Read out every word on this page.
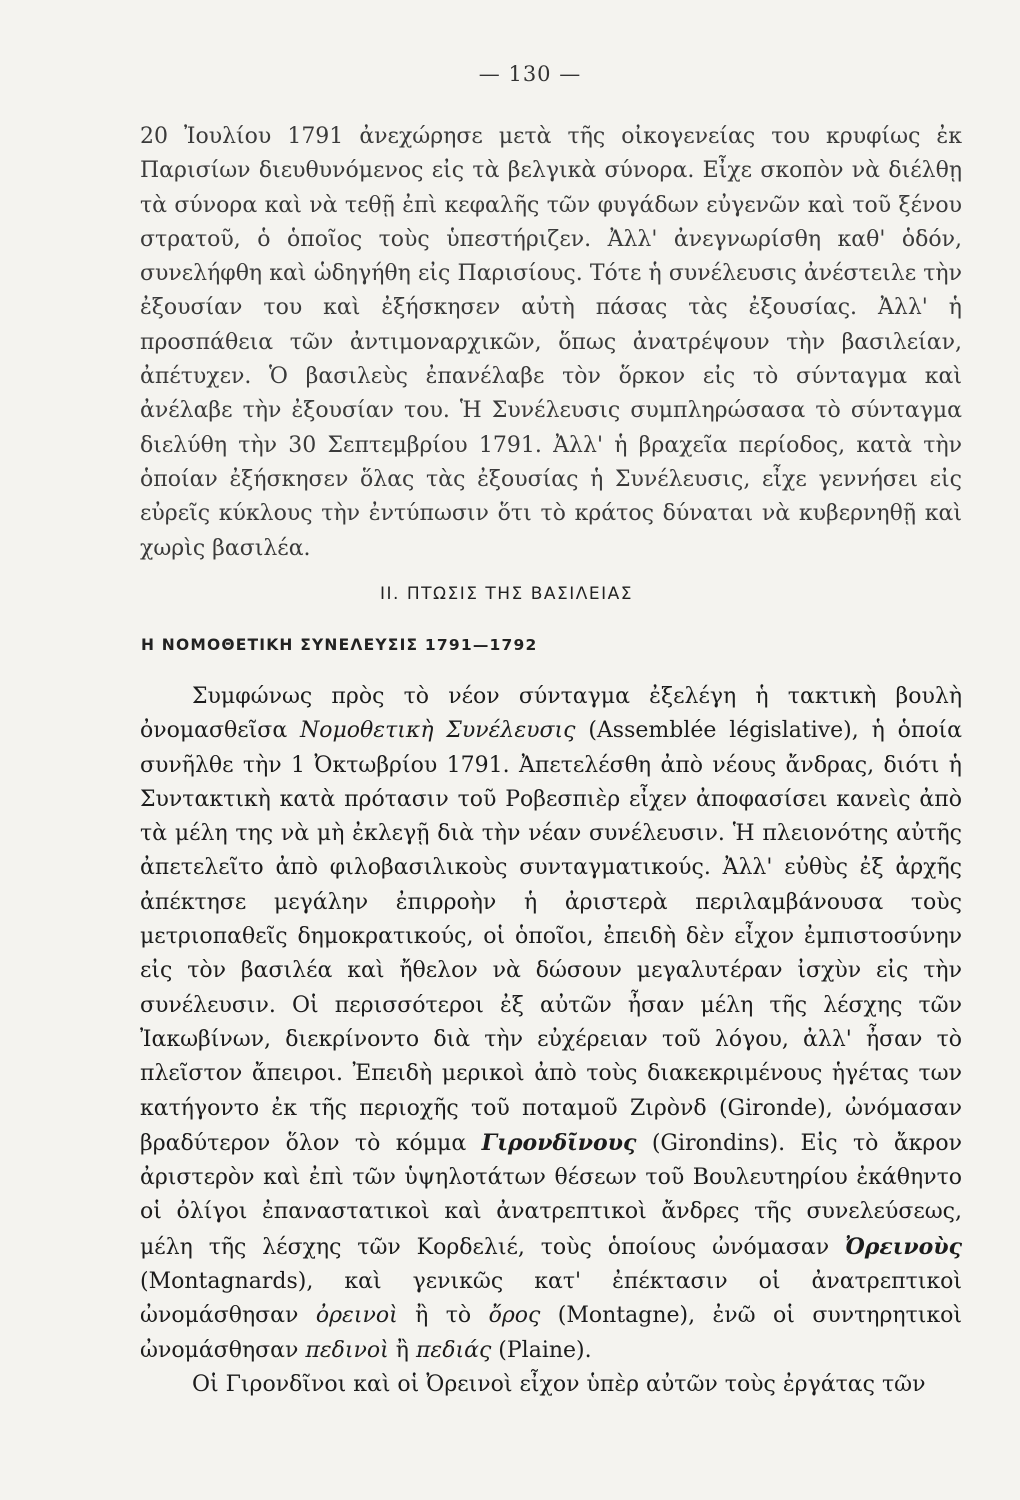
— 130 —

20 Ἰουλίου 1791 ἀνεχώρησε μετὰ τῆς οἰκογενείας του κρυφίως ἐκ Παρισίων διευθυνόμενος εἰς τὰ βελγικὰ σύνορα. Εἶχε σκοπὸν νὰ διέλθῃ τὰ σύνορα καὶ νὰ τεθῇ ἐπὶ κεφαλῆς τῶν φυγάδων εὐγενῶν καὶ τοῦ ξένου στρατοῦ, ὁ ὁποῖος τοὺς ὑπεστήριζεν. Ἀλλ' ἀνεγνωρίσθη καθ' ὁδόν, συνελήφθη καὶ ὡδηγήθη εἰς Παρισίους. Τότε ἡ συνέλευσις ἀνέστειλε τὴν ἐξουσίαν του καὶ ἐξήσκησεν αὐτὴ πάσας τὰς ἐξουσίας. Ἀλλ' ἡ προσπάθεια τῶν ἀντιμοναρχικῶν, ὅπως ἀνατρέψουν τὴν βασιλείαν, ἀπέτυχεν. Ὁ βασιλεὺς ἐπανέλαβε τὸν ὅρκον εἰς τὸ σύνταγμα καὶ ἀνέλαβε τὴν ἐξουσίαν του. Ἡ Συνέλευσις συμπληρώσασα τὸ σύνταγμα διελύθη τὴν 30 Σεπτεμβρίου 1791. Ἀλλ' ἡ βραχεῖα περίοδος, κατὰ τὴν ὁποίαν ἐξήσκησεν ὅλας τὰς ἐξουσίας ἡ Συνέλευσις, εἶχε γεννήσει εἰς εὐρεῖς κύκλους τὴν ἐντύπωσιν ὅτι τὸ κράτος δύναται νὰ κυβερνηθῇ καὶ χωρὶς βασιλέα.

ΙΙ. ΠΤΩΣΙΣ ΤΗΣ ΒΑΣΙΛΕΙΑΣ
Η ΝΟΜΟΘΕΤΙΚΗ ΣΥΝΕΛΕΥΣΙΣ 1791—1792

Συμφώνως πρὸς τὸ νέον σύνταγμα ἐξελέγη ἡ τακτικὴ βουλὴ ὀνομασθεῖσα Νομοθετικὴ Συνέλευσις (Assemblée législative), ἡ ὁποία συνῆλθε τὴν 1 Ὀκτωβρίου 1791. Ἀπετελέσθη ἀπὸ νέους ἄνδρας, διότι ἡ Συντακτικὴ κατὰ πρότασιν τοῦ Ροβεσπιὲρ εἶχεν ἀποφασίσει κανεὶς ἀπὸ τὰ μέλη της νὰ μὴ ἐκλεγῇ διὰ τὴν νέαν συνέλευσιν. Ἡ πλειονότης αὐτῆς ἀπετελεῖτο ἀπὸ φιλοβασιλικοὺς συνταγματικούς. Ἀλλ' εὐθὺς ἐξ ἀρχῆς ἀπέκτησε μεγάλην ἐπιρροὴν ἡ ἀριστερὰ περιλαμβάνουσα τοὺς μετριοπαθεῖς δημοκρατικούς, οἱ ὁποῖοι, ἐπειδὴ δὲν εἶχον ἐμπιστοσύνην εἰς τὸν βασιλέα καὶ ἤθελον νὰ δώσουν μεγαλυτέραν ἰσχὺν εἰς τὴν συνέλευσιν. Οἱ περισσότεροι ἐξ αὐτῶν ἦσαν μέλη τῆς λέσχης τῶν Ἰακωβίνων, διεκρίνοντο διὰ τὴν εὐχέρειαν τοῦ λόγου, ἀλλ' ἦσαν τὸ πλεῖστον ἄπειροι. Ἐπειδὴ μερικοὶ ἀπὸ τοὺς διακεκριμένους ἡγέτας των κατήγοντο ἐκ τῆς περιοχῆς τοῦ ποταμοῦ Ζιρὸνδ (Gironde), ὠνόμασαν βραδύτερον ὅλον τὸ κόμμα Γιρονδῖνους (Girondins). Εἰς τὸ ἄκρον ἀριστερὸν καὶ ἐπὶ τῶν ὑψηλοτάτων θέσεων τοῦ Βουλευτηρίου ἐκάθηντο οἱ ὀλίγοι ἐπαναστατικοὶ καὶ ἀνατρεπτικοὶ ἄνδρες τῆς συνελεύσεως, μέλη τῆς λέσχης τῶν Κορδελιέ, τοὺς ὁποίους ὠνόμασαν Ὀρεινοὺς (Montagnards), καὶ γενικῶς κατ' ἐπέκτασιν οἱ ἀνατρεπτικοὶ ὠνομάσθησαν ὀρεινοὶ ἢ τὸ ὄρος (Montagne), ἐνῶ οἱ συντηρητικοὶ ὠνομάσθησαν πεδινοὶ ἢ πεδιάς (Plaine).

Οἱ Γιρονδῖνοι καὶ οἱ Ὀρεινοὶ εἶχον ὑπὲρ αὐτῶν τοὺς ἐργάτας τῶν
